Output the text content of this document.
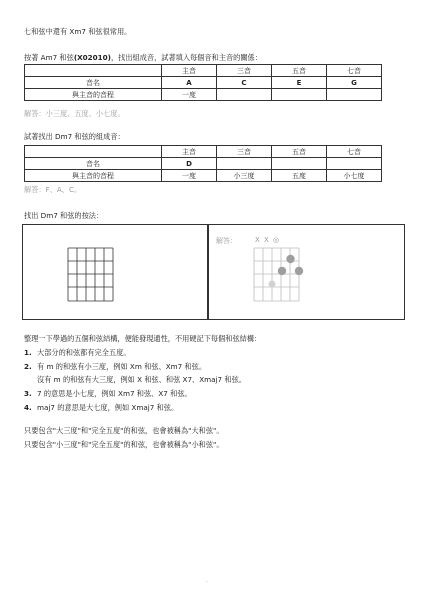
七和弦中還有 Xm7 和弦很常用。
按著 Am7 和弦(X02010)，找出組成音，試著填入每個音和主音的關係：
	主音	三音	五音	七音
音名	A	C	E	G
與主音的音程	一度			
解答：小三度、五度、小七度。
試著找出 Dm7 和弦的組成音：
	主音	三音	五音	七音
音名	D			
與主音的音程	一度	小三度	五度	小七度
解答：F、A、C。
找出 Dm7 和弦的按法：
解答：	X X ◎
整理一下學過的五個和弦結構，便能發現通性，不用硬記下每個和弦結構：
1. 大部分的和弦都有完全五度。
2. 有 m 的和弦有小三度，例如 Xm 和弦、Xm7 和弦。
沒有 m 的和弦有大三度，例如 X 和弦、和弦 X7、Xmaj7 和弦。
3. 7 的意思是小七度，例如 Xm7 和弦、X7 和弦。
4. maj7 的意思是大七度，例如 Xmaj7 和弦。
只要包含"大三度"和"完全五度"的和弦，也會被稱為"大和弦"。
只要包含"小三度"和"完全五度"的和弦，也會被稱為"小和弦"。
.
